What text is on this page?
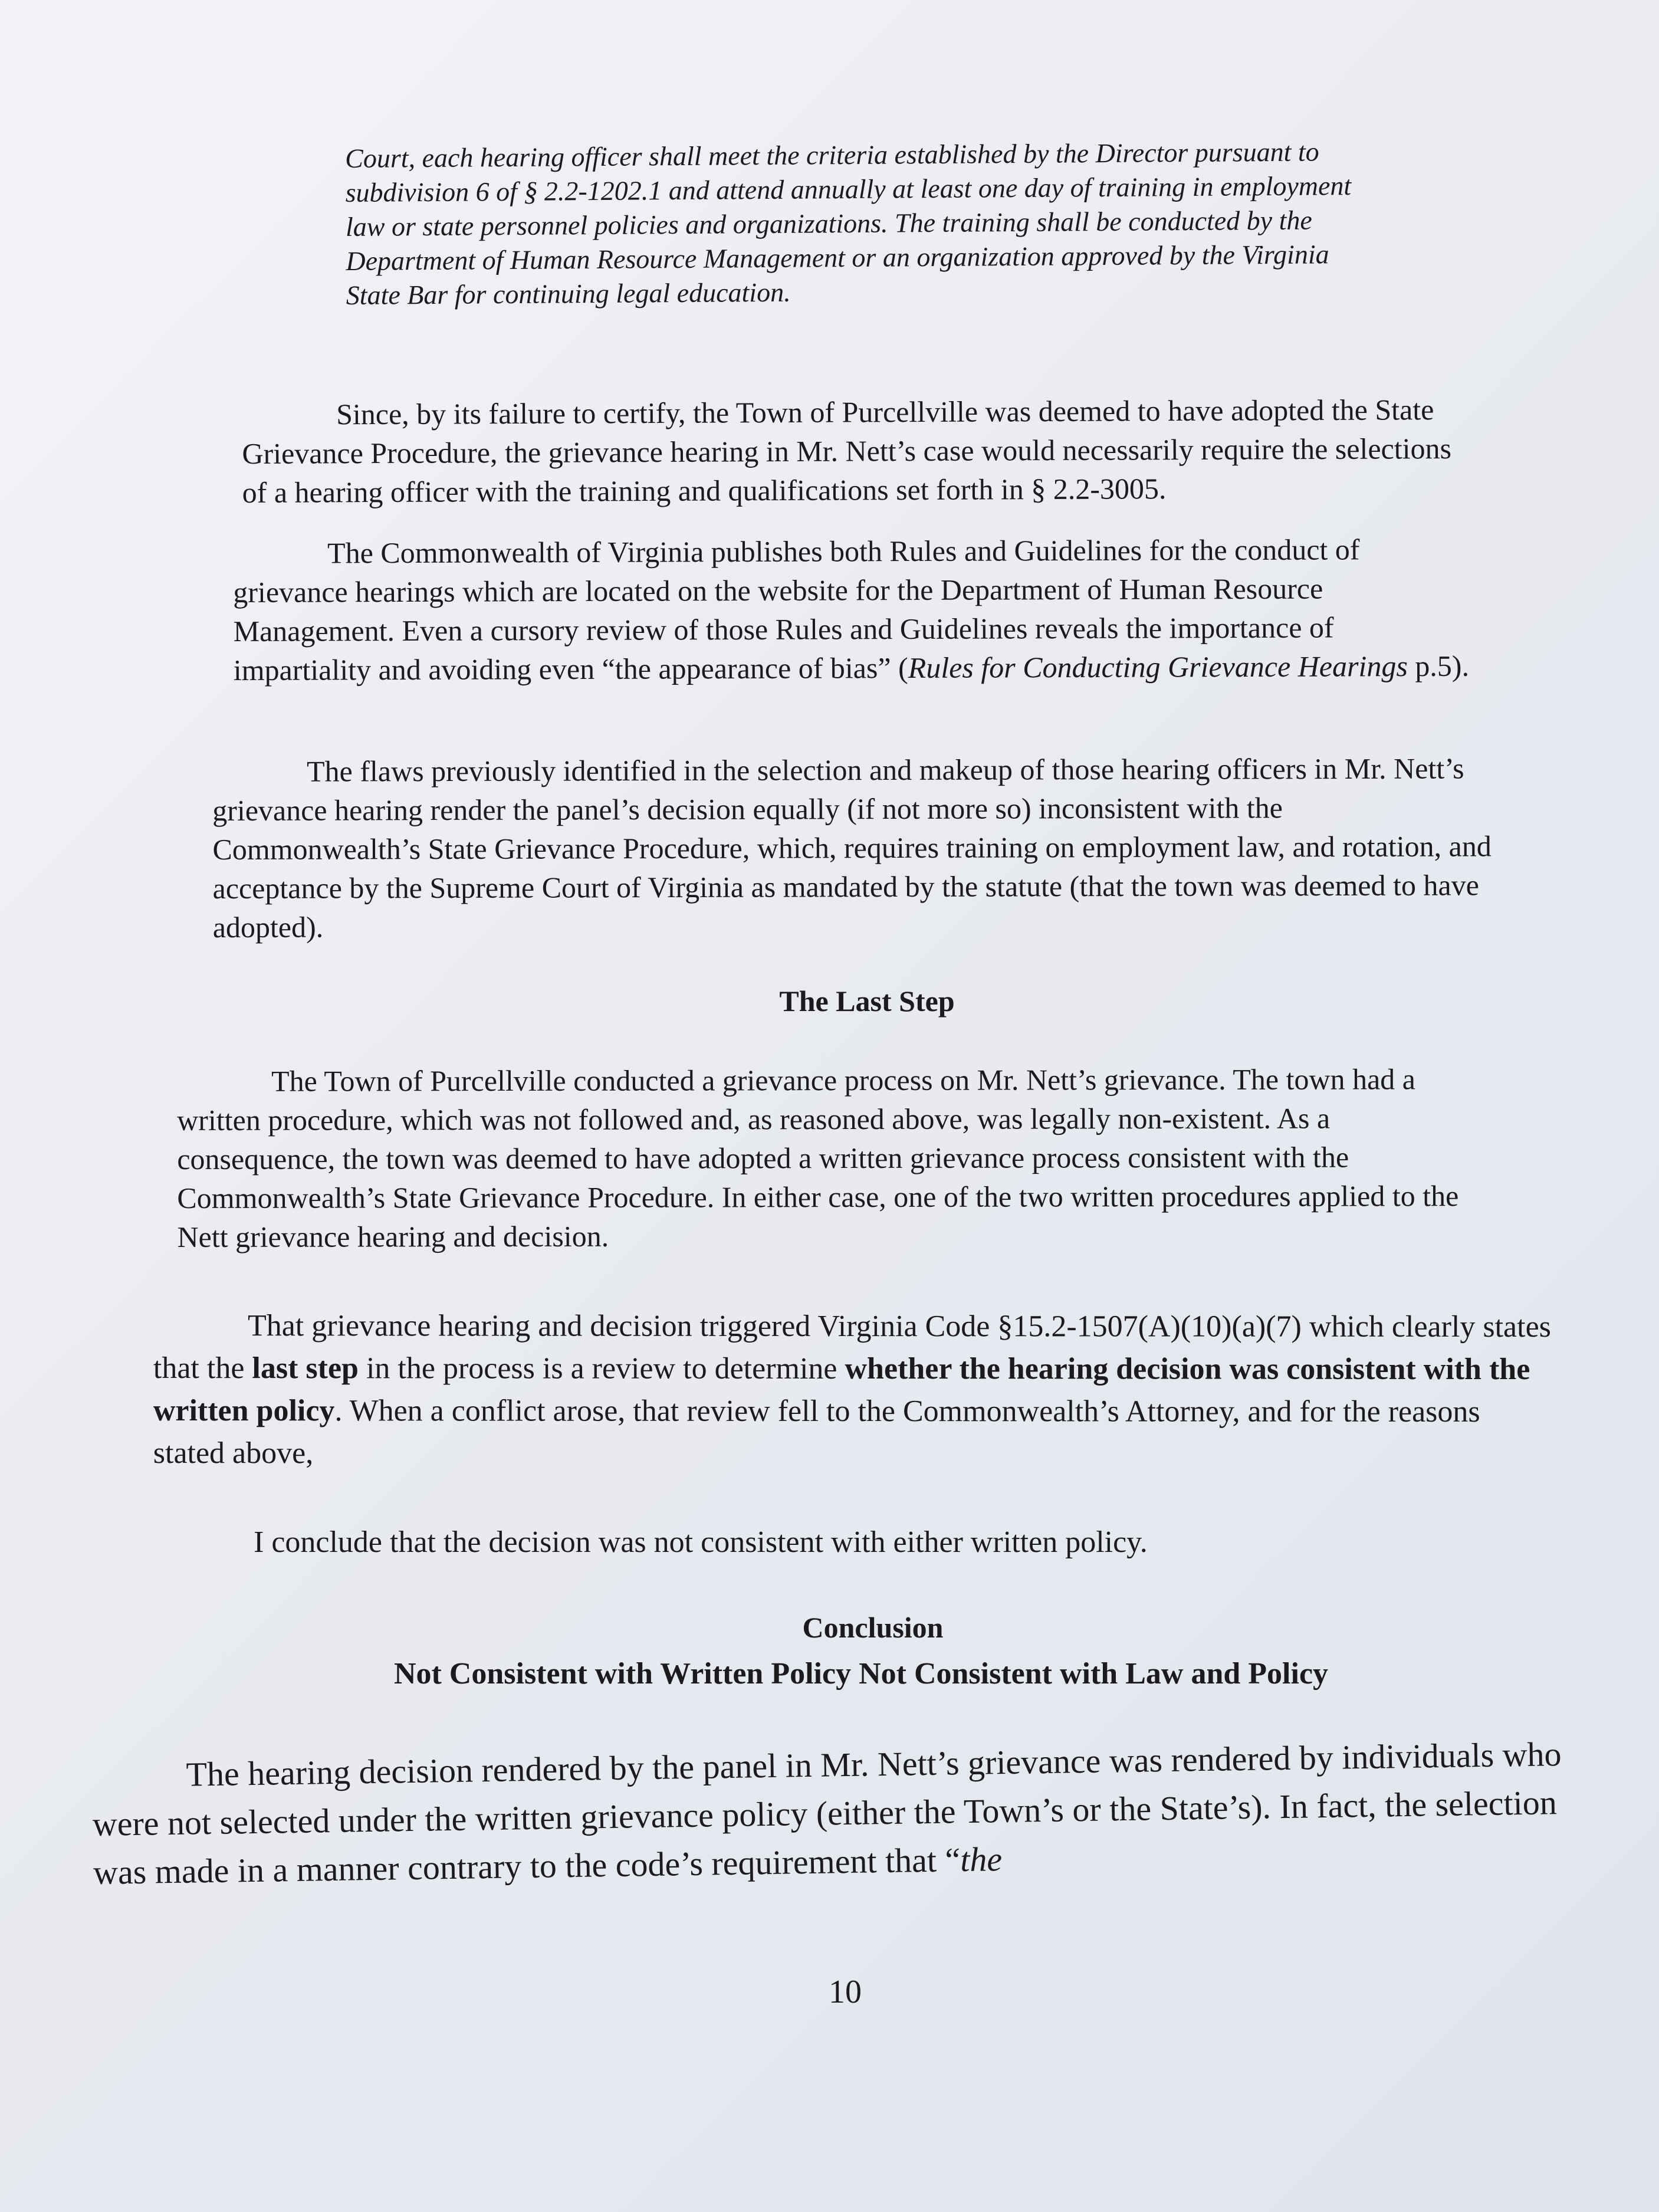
Court, each hearing officer shall meet the criteria established by the Director pursuant to subdivision 6 of § 2.2-1202.1 and attend annually at least one day of training in employment law or state personnel policies and organizations. The training shall be conducted by the Department of Human Resource Management or an organization approved by the Virginia State Bar for continuing legal education.
Since, by its failure to certify, the Town of Purcellville was deemed to have adopted the State Grievance Procedure, the grievance hearing in Mr. Nett’s case would necessarily require the selections of a hearing officer with the training and qualifications set forth in § 2.2-3005.
The Commonwealth of Virginia publishes both Rules and Guidelines for the conduct of grievance hearings which are located on the website for the Department of Human Resource Management. Even a cursory review of those Rules and Guidelines reveals the importance of impartiality and avoiding even “the appearance of bias” (Rules for Conducting Grievance Hearings p.5).
The flaws previously identified in the selection and makeup of those hearing officers in Mr. Nett’s grievance hearing render the panel’s decision equally (if not more so) inconsistent with the Commonwealth’s State Grievance Procedure, which, requires training on employment law, and rotation, and acceptance by the Supreme Court of Virginia as mandated by the statute (that the town was deemed to have adopted).
The Last Step
The Town of Purcellville conducted a grievance process on Mr. Nett’s grievance. The town had a written procedure, which was not followed and, as reasoned above, was legally non-existent. As a consequence, the town was deemed to have adopted a written grievance process consistent with the Commonwealth’s State Grievance Procedure. In either case, one of the two written procedures applied to the Nett grievance hearing and decision.
That grievance hearing and decision triggered Virginia Code §15.2-1507(A)(10)(a)(7) which clearly states that the last step in the process is a review to determine whether the hearing decision was consistent with the written policy. When a conflict arose, that review fell to the Commonwealth’s Attorney, and for the reasons stated above,
I conclude that the decision was not consistent with either written policy.
Conclusion
Not Consistent with Written Policy Not Consistent with Law and Policy
The hearing decision rendered by the panel in Mr. Nett’s grievance was rendered by individuals who were not selected under the written grievance policy (either the Town’s or the State’s). In fact, the selection was made in a manner contrary to the code’s requirement that “the
10
